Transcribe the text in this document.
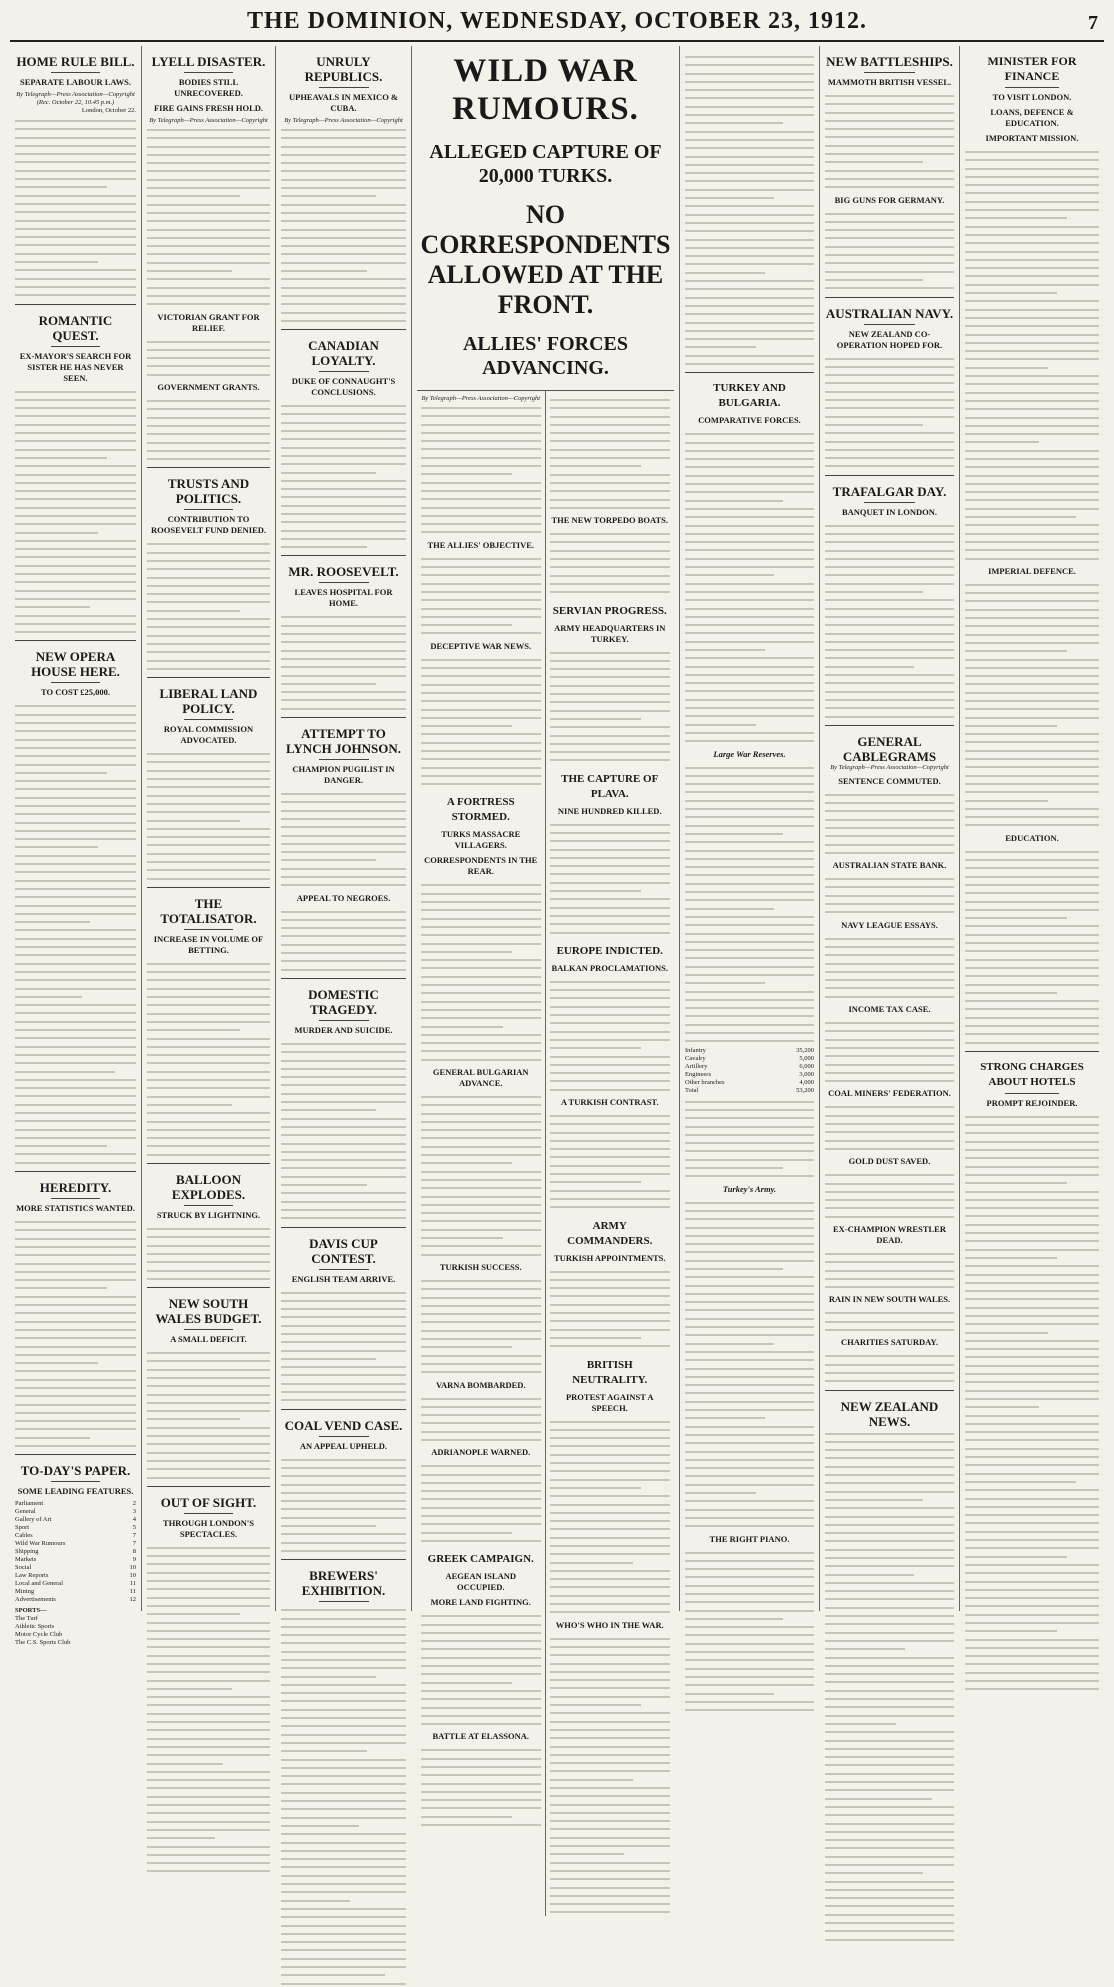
THE DOMINION, WEDNESDAY, OCTOBER 23, 1912.	7
HOME RULE BILL.
SEPARATE LABOUR LAWS.
By Telegraph—Press Association—Copyright
(Rec. October 22, 10.45 p.m.)
London, October 22.
ROMANTIC QUEST.
EX-MAYOR'S SEARCH FOR SISTER HE HAS NEVER SEEN.
NEW OPERA HOUSE HERE.
TO COST £25,000.
HEREDITY.
MORE STATISTICS WANTED.
TO-DAY'S PAPER.
SOME LEADING FEATURES.
Parliament	2
General	3
Gallery of Art	4
Sport	5
Cables	7
Wild War Rumours	7
Shipping	8
Markets	9
Social	10
Law Reports	10
Local and General	11
Mining	11
Advertisements	12
SPORTS—
The Turf
Athletic Sports
Motor Cycle Club
The C.S. Sports Club
LYELL DISASTER.
BODIES STILL UNRECOVERED.
FIRE GAINS FRESH HOLD.
By Telegraph—Press Association—Copyright
VICTORIAN GRANT FOR RELIEF.
GOVERNMENT GRANTS.
TRUSTS AND POLITICS.
CONTRIBUTION TO ROOSEVELT FUND DENIED.
LIBERAL LAND POLICY.
ROYAL COMMISSION ADVOCATED.
THE TOTALISATOR.
INCREASE IN VOLUME OF BETTING.
BALLOON EXPLODES.
STRUCK BY LIGHTNING.
NEW SOUTH WALES BUDGET.
A SMALL DEFICIT.
OUT OF SIGHT.
THROUGH LONDON'S SPECTACLES.
UNRULY REPUBLICS.
UPHEAVALS IN MEXICO & CUBA.
By Telegraph—Press Association—Copyright
CANADIAN LOYALTY.
DUKE OF CONNAUGHT'S CONCLUSIONS.
MR. ROOSEVELT.
LEAVES HOSPITAL FOR HOME.
ATTEMPT TO LYNCH JOHNSON.
CHAMPION PUGILIST IN DANGER.
APPEAL TO NEGROES.
DOMESTIC TRAGEDY.
MURDER AND SUICIDE.
DAVIS CUP CONTEST.
ENGLISH TEAM ARRIVE.
COAL VEND CASE.
AN APPEAL UPHELD.
BREWERS' EXHIBITION.
WILD WAR RUMOURS.
ALLEGED CAPTURE OF 20,000 TURKS.
NO CORRESPONDENTS ALLOWED AT THE FRONT.
ALLIES' FORCES ADVANCING.
By Telegraph—Press Association—Copyright
THE ALLIES' OBJECTIVE.
DECEPTIVE WAR NEWS.
A FORTRESS STORMED.
TURKS MASSACRE VILLAGERS.
CORRESPONDENTS IN THE REAR.
GENERAL BULGARIAN ADVANCE.
TURKISH SUCCESS.
VARNA BOMBARDED.
ADRIANOPLE WARNED.
GREEK CAMPAIGN.
AEGEAN ISLAND OCCUPIED.
MORE LAND FIGHTING.
BATTLE AT ELASSONA.
THE NEW TORPEDO BOATS.
SERVIAN PROGRESS.
ARMY HEADQUARTERS IN TURKEY.
THE CAPTURE OF PLAVA.
NINE HUNDRED KILLED.
EUROPE INDICTED.
BALKAN PROCLAMATIONS.
A TURKISH CONTRAST.
ARMY COMMANDERS.
TURKISH APPOINTMENTS.
BRITISH NEUTRALITY.
PROTEST AGAINST A SPEECH.
WHO'S WHO IN THE WAR.
TURKEY AND BULGARIA.
COMPARATIVE FORCES.
Large War Reserves.
Infantry	35,200
Cavalry	5,000
Artillery	6,000
Engineers	3,000
Other branches	4,000
Total	53,200
Turkey's Army.
THE RIGHT PIANO.
NEW BATTLESHIPS.
MAMMOTH BRITISH VESSEL.
BIG GUNS FOR GERMANY.
AUSTRALIAN NAVY.
NEW ZEALAND CO-OPERATION HOPED FOR.
TRAFALGAR DAY.
BANQUET IN LONDON.
GENERAL CABLEGRAMS
By Telegraph—Press Association—Copyright
SENTENCE COMMUTED.
AUSTRALIAN STATE BANK.
NAVY LEAGUE ESSAYS.
INCOME TAX CASE.
COAL MINERS' FEDERATION.
GOLD DUST SAVED.
EX-CHAMPION WRESTLER DEAD.
RAIN IN NEW SOUTH WALES.
CHARITIES SATURDAY.
NEW ZEALAND NEWS.
MINISTER FOR FINANCE
TO VISIT LONDON.
LOANS, DEFENCE & EDUCATION.
IMPORTANT MISSION.
IMPERIAL DEFENCE.
EDUCATION.
STRONG CHARGES ABOUT HOTELS
PROMPT REJOINDER.
